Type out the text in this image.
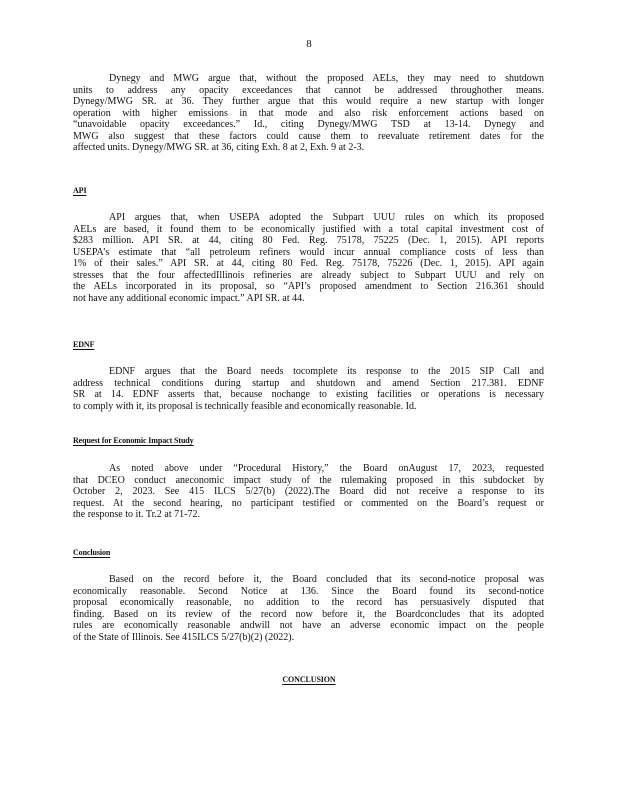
8
Dynegy and MWG argue that, without the proposed AELs, they may need to shutdown
units to address any opacity exceedances that cannot be addressed throughother means.
Dynegy/MWG SR. at 36. They further argue that this would require a new startup with longer
operation with higher emissions in that mode and also risk enforcement actions based on
“unavoidable opacity exceedances.” Id., citing Dynegy/MWG TSD at 13-14. Dynegy and
MWG also suggest that these factors could cause them to reevaluate retirement dates for the
affected units. Dynegy/MWG SR. at 36, citing Exh. 8 at 2, Exh. 9 at 2-3.
API
API argues that, when USEPA adopted the Subpart UUU rules on which its proposed
AELs are based, it found them to be economically justified with a total capital investment cost of
$283 million. API SR. at 44, citing 80 Fed. Reg. 75178, 75225 (Dec. 1, 2015). API reports
USEPA’s estimate that “all petroleum refiners would incur annual compliance costs of less than
1% of their sales.” API SR. at 44, citing 80 Fed. Reg. 75178, 75226 (Dec. 1, 2015). API again
stresses that the four affectedIllinois refineries are already subject to Subpart UUU and rely on
the AELs incorporated in its proposal, so “API’s proposed amendment to Section 216.361 should
not have any additional economic impact.” API SR. at 44.
EDNF
EDNF argues that the Board needs tocomplete its response to the 2015 SIP Call and
address technical conditions during startup and shutdown and amend Section 217.381. EDNF
SR at 14. EDNF asserts that, because nochange to existing facilities or operations is necessary
to comply with it, its proposal is technically feasible and economically reasonable. Id.
Request for Economic Impact Study
As noted above under “Procedural History,” the Board onAugust 17, 2023, requested
that DCEO conduct aneconomic impact study of the rulemaking proposed in this subdocket by
October 2, 2023. See 415 ILCS 5/27(b) (2022).The Board did not receive a response to its
request. At the second hearing, no participant testified or commented on the Board’s request or
the response to it. Tr.2 at 71-72.
Conclusion
Based on the record before it, the Board concluded that its second-notice proposal was
economically reasonable. Second Notice at 136. Since the Board found its second-notice
proposal economically reasonable, no addition to the record has persuasively disputed that
finding. Based on its review of the record now before it, the Boardconcludes that its adopted
rules are economically reasonable andwill not have an adverse economic impact on the people
of the State of Illinois. See 415ILCS 5/27(b)(2) (2022).
CONCLUSION
